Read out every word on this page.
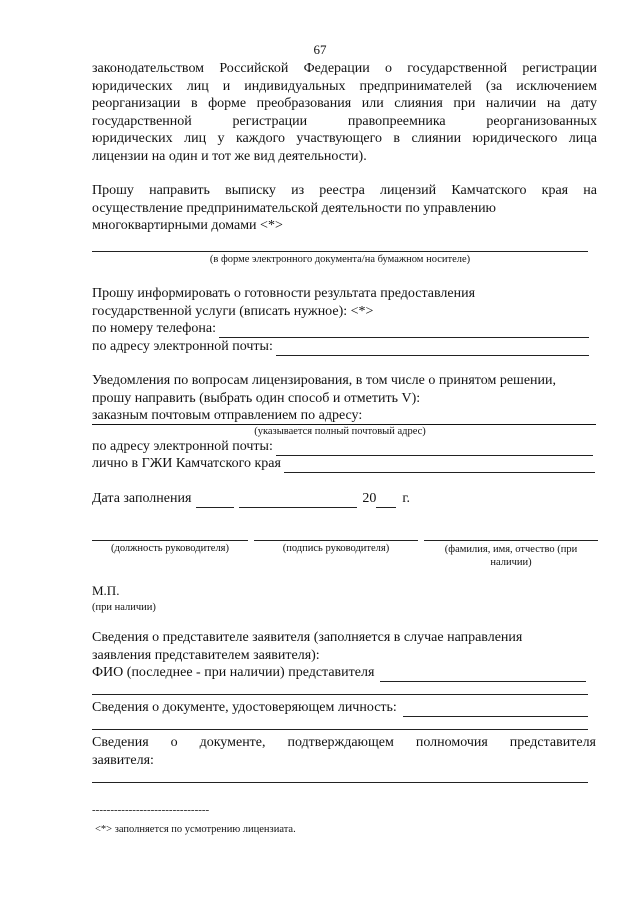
67
законодательством Российской Федерации о государственной регистрации
юридических лиц и индивидуальных предпринимателей (за исключением
реорганизации в форме преобразования или слияния при наличии на дату
государственной регистрации правопреемника реорганизованных
юридических лиц у каждого участвующего в слиянии юридического лица
лицензии на один и тот же вид деятельности).
Прошу направить выписку из реестра лицензий Камчатского края на
осуществление предпринимательской деятельности по управлению
многоквартирными домами <*>
(в форме электронного документа/на бумажном носителе)
Прошу информировать о готовности результата предоставления
государственной услуги (вписать нужное): <*>
по номеру телефона:
по адресу электронной почты:
Уведомления по вопросам лицензирования, в том числе о принятом решении,
прошу направить (выбрать один способ и отметить V):
заказным почтовым отправлением по адресу:
(указывается полный почтовый адрес)
по адресу электронной почты:
лично в ГЖИ Камчатского края
Дата заполнения	20 г.
(должность руководителя)	(подпись руководителя)	(фамилия, имя, отчество (при
наличии)
М.П.
(при наличии)
Сведения о представителе заявителя (заполняется в случае направления
заявления представителем заявителя):
ФИО (последнее - при наличии) представителя
Сведения о документе, удостоверяющем личность:
Сведения о документе, подтверждающем полномочия представителя
заявителя:
--------------------------------
<*> заполняется по усмотрению лицензиата.
